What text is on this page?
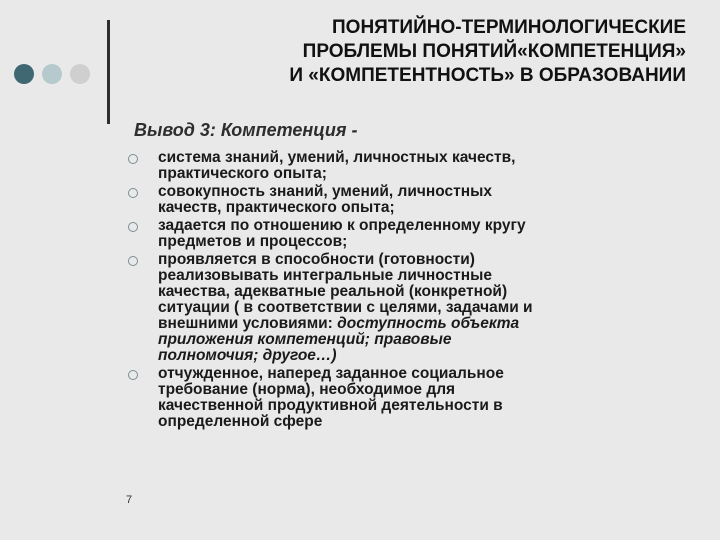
ПОНЯТИЙНО-ТЕРМИНОЛОГИЧЕСКИЕ
ПРОБЛЕМЫ ПОНЯТИЙ«КОМПЕТЕНЦИЯ»
И «КОМПЕТЕНТНОСТЬ» В ОБРАЗОВАНИИ
Вывод 3: Компетенция -
система знаний, умений, личностных качеств,
практического опыта;
совокупность знаний, умений, личностных
качеств, практического опыта;
задается по отношению к определенному кругу
предметов и процессов;
проявляется в способности (готовности)
реализовывать интегральные личностные
качества, адекватные реальной (конкретной)
ситуации ( в соответствии с целями, задачами и
внешними условиями: доступность объекта
приложения компетенций; правовые
полномочия; другое…)
отчужденное, наперед заданное социальное
требование (норма), необходимое для
качественной продуктивной деятельности в
определенной сфере
7
